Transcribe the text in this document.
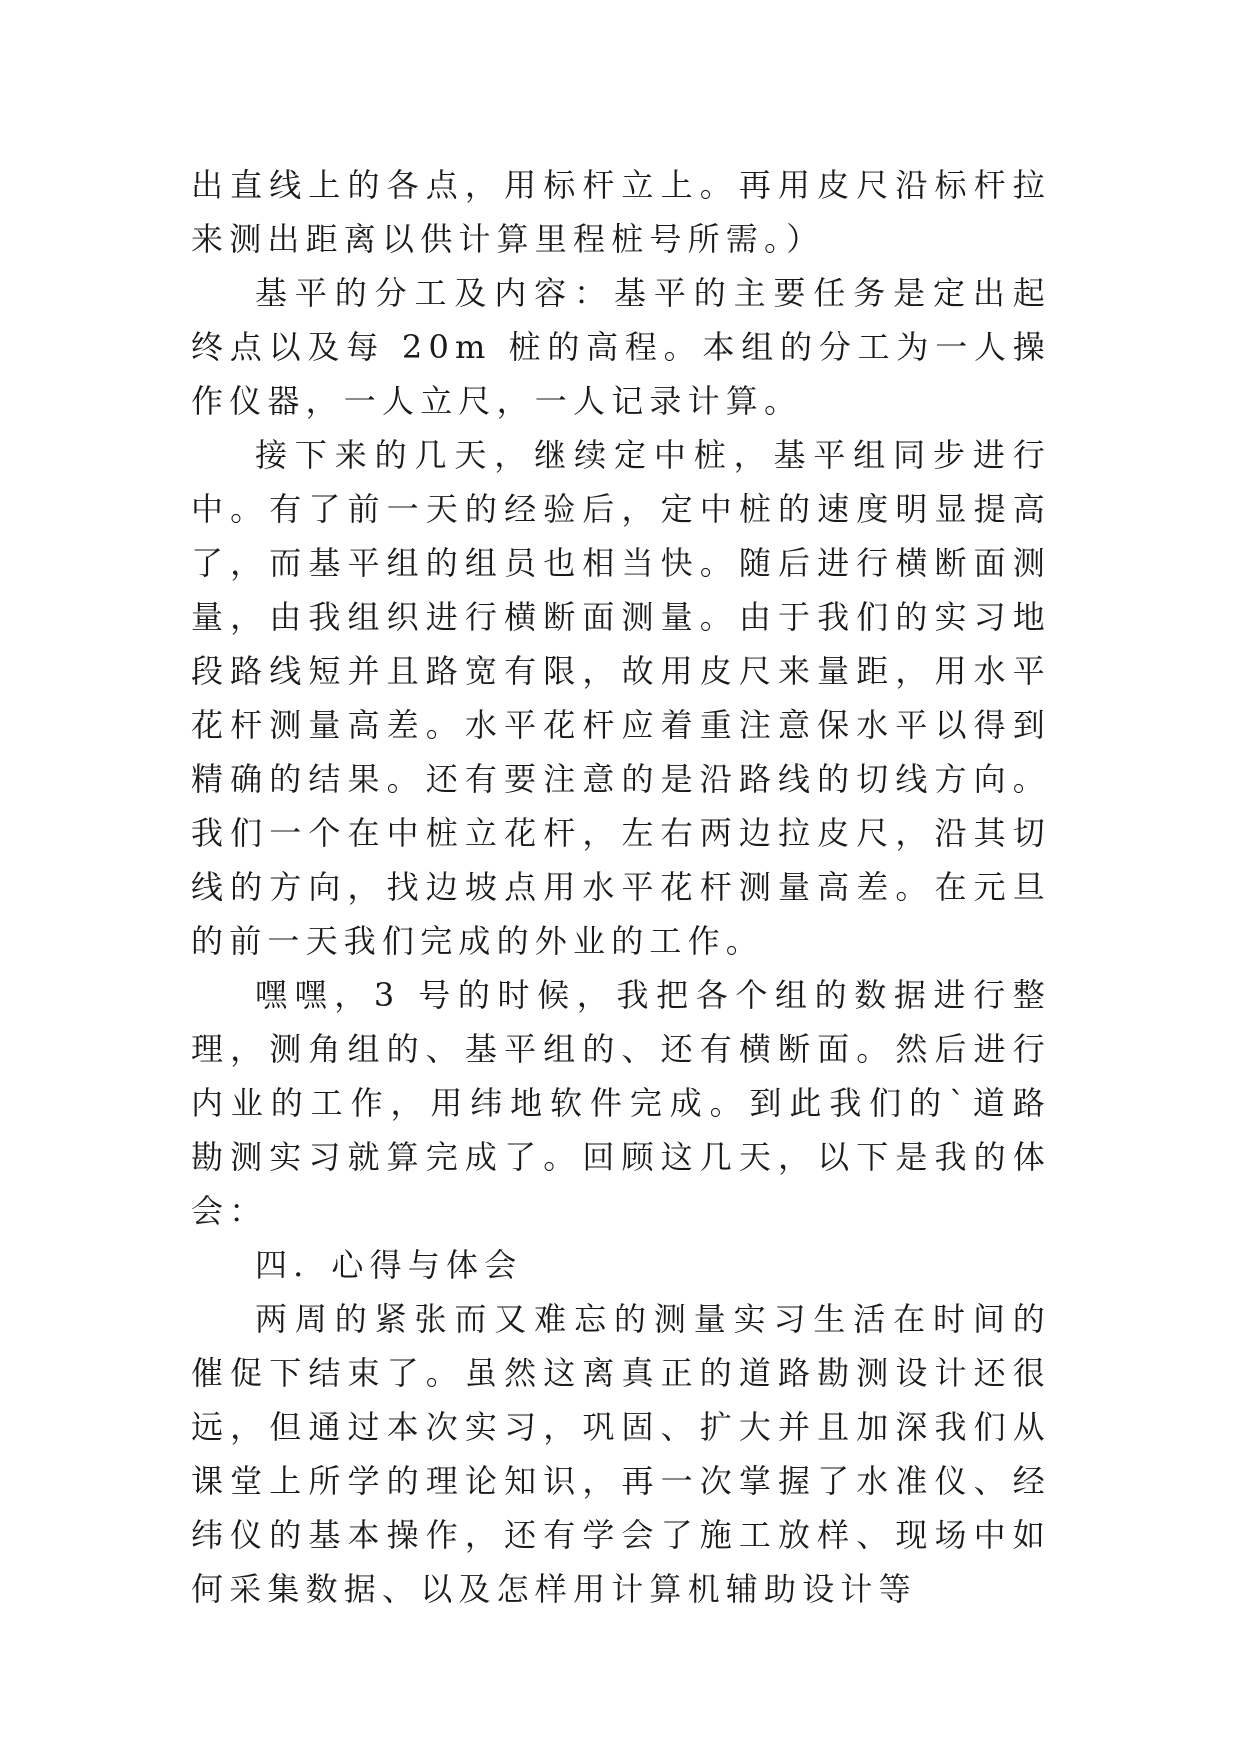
出直线上的各点，用标杆立上。再用皮尺沿标杆拉来测出距离以供计算里程桩号所需。）

基平的分工及内容：基平的主要任务是定出起终点以及每 20m 桩的高程。本组的分工为一人操作仪器，一人立尺，一人记录计算。

接下来的几天，继续定中桩，基平组同步进行中。有了前一天的经验后，定中桩的速度明显提高了，而基平组的组员也相当快。随后进行横断面测量，由我组织进行横断面测量。由于我们的实习地段路线短并且路宽有限，故用皮尺来量距，用水平花杆测量高差。水平花杆应着重注意保水平以得到精确的结果。还有要注意的是沿路线的切线方向。我们一个在中桩立花杆，左右两边拉皮尺，沿其切线的方向，找边坡点用水平花杆测量高差。在元旦的前一天我们完成的外业的工作。

嘿嘿，3 号的时候，我把各个组的数据进行整理，测角组的、基平组的、还有横断面。然后进行内业的工作，用纬地软件完成。到此我们的`道路勘测实习就算完成了。回顾这几天，以下是我的体会：

四．心得与体会

两周的紧张而又难忘的测量实习生活在时间的催促下结束了。虽然这离真正的道路勘测设计还很远，但通过本次实习，巩固、扩大并且加深我们从课堂上所学的理论知识，再一次掌握了水准仪、经纬仪的基本操作，还有学会了施工放样、现场中如何采集数据、以及怎样用计算机辅助设计等
